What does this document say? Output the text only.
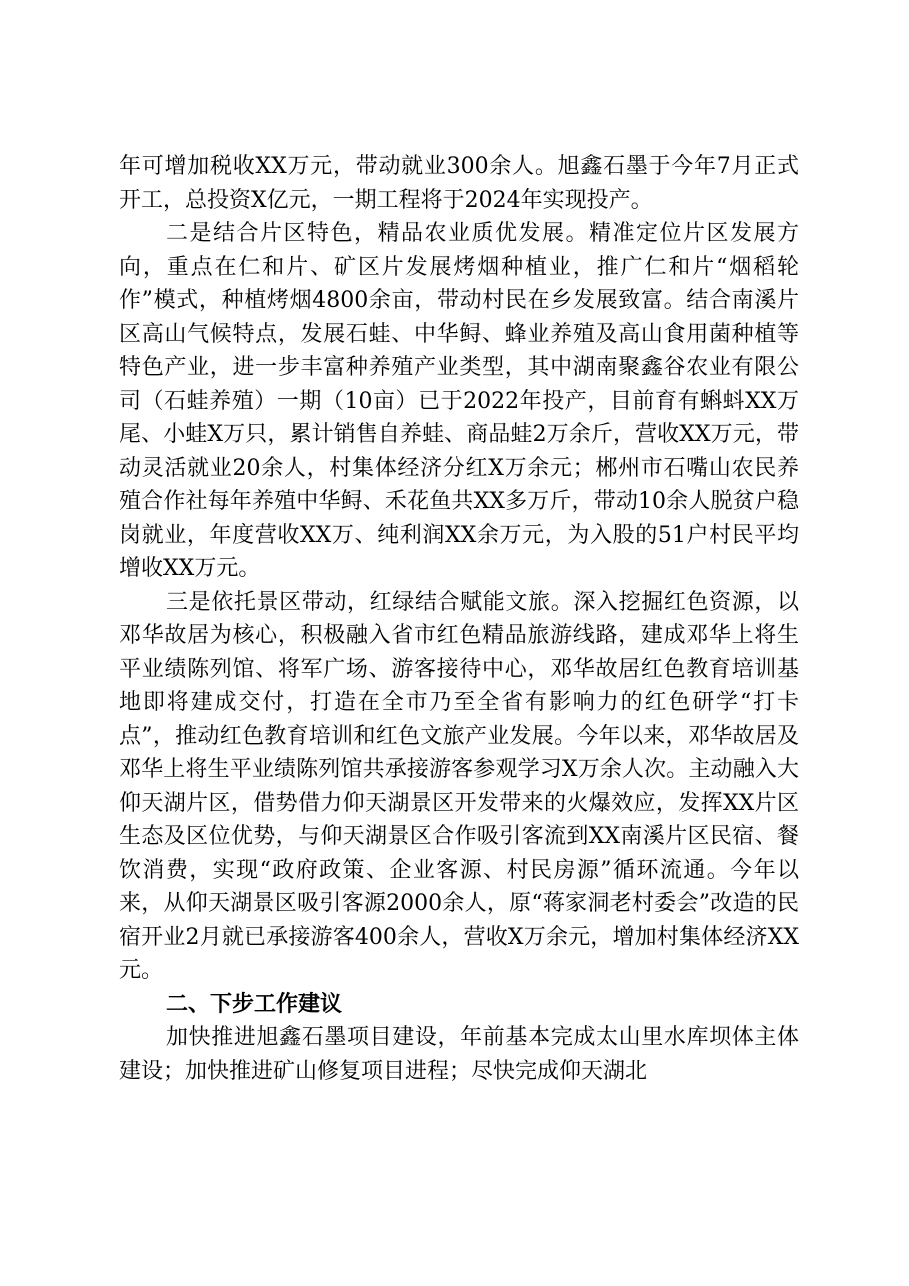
年可增加税收XX万元，带动就业300余人。旭鑫石墨于今年7月正式开工，总投资X亿元，一期工程将于2024年实现投产。

二是结合片区特色，精品农业质优发展。精准定位片区发展方向，重点在仁和片、矿区片发展烤烟种植业，推广仁和片“烟稻轮作”模式，种植烤烟4800余亩，带动村民在乡发展致富。结合南溪片区高山气候特点，发展石蛙、中华鲟、蜂业养殖及高山食用菌种植等特色产业，进一步丰富种养殖产业类型，其中湖南聚鑫谷农业有限公司（石蛙养殖）一期（10亩）已于2022年投产，目前育有蝌蚪XX万尾、小蛙X万只，累计销售自养蛙、商品蛙2万余斤，营收XX万元，带动灵活就业20余人，村集体经济分红X万余元；郴州市石嘴山农民养殖合作社每年养殖中华鲟、禾花鱼共XX多万斤，带动10余人脱贫户稳岗就业，年度营收XX万、纯利润XX余万元，为入股的51户村民平均增收XX万元。

三是依托景区带动，红绿结合赋能文旅。深入挖掘红色资源，以邓华故居为核心，积极融入省市红色精品旅游线路，建成邓华上将生平业绩陈列馆、将军广场、游客接待中心，邓华故居红色教育培训基地即将建成交付，打造在全市乃至全省有影响力的红色研学“打卡点”，推动红色教育培训和红色文旅产业发展。今年以来，邓华故居及邓华上将生平业绩陈列馆共承接游客参观学习X万余人次。主动融入大仰天湖片区，借势借力仰天湖景区开发带来的火爆效应，发挥XX片区生态及区位优势，与仰天湖景区合作吸引客流到XX南溪片区民宿、餐饮消费，实现“政府政策、企业客源、村民房源”循环流通。今年以来，从仰天湖景区吸引客源2000余人，原“蒋家洞老村委会”改造的民宿开业2月就已承接游客400余人，营收X万余元，增加村集体经济XX元。

二、下步工作建议

加快推进旭鑫石墨项目建设，年前基本完成太山里水库坝体主体建设；加快推进矿山修复项目进程；尽快完成仰天湖北
